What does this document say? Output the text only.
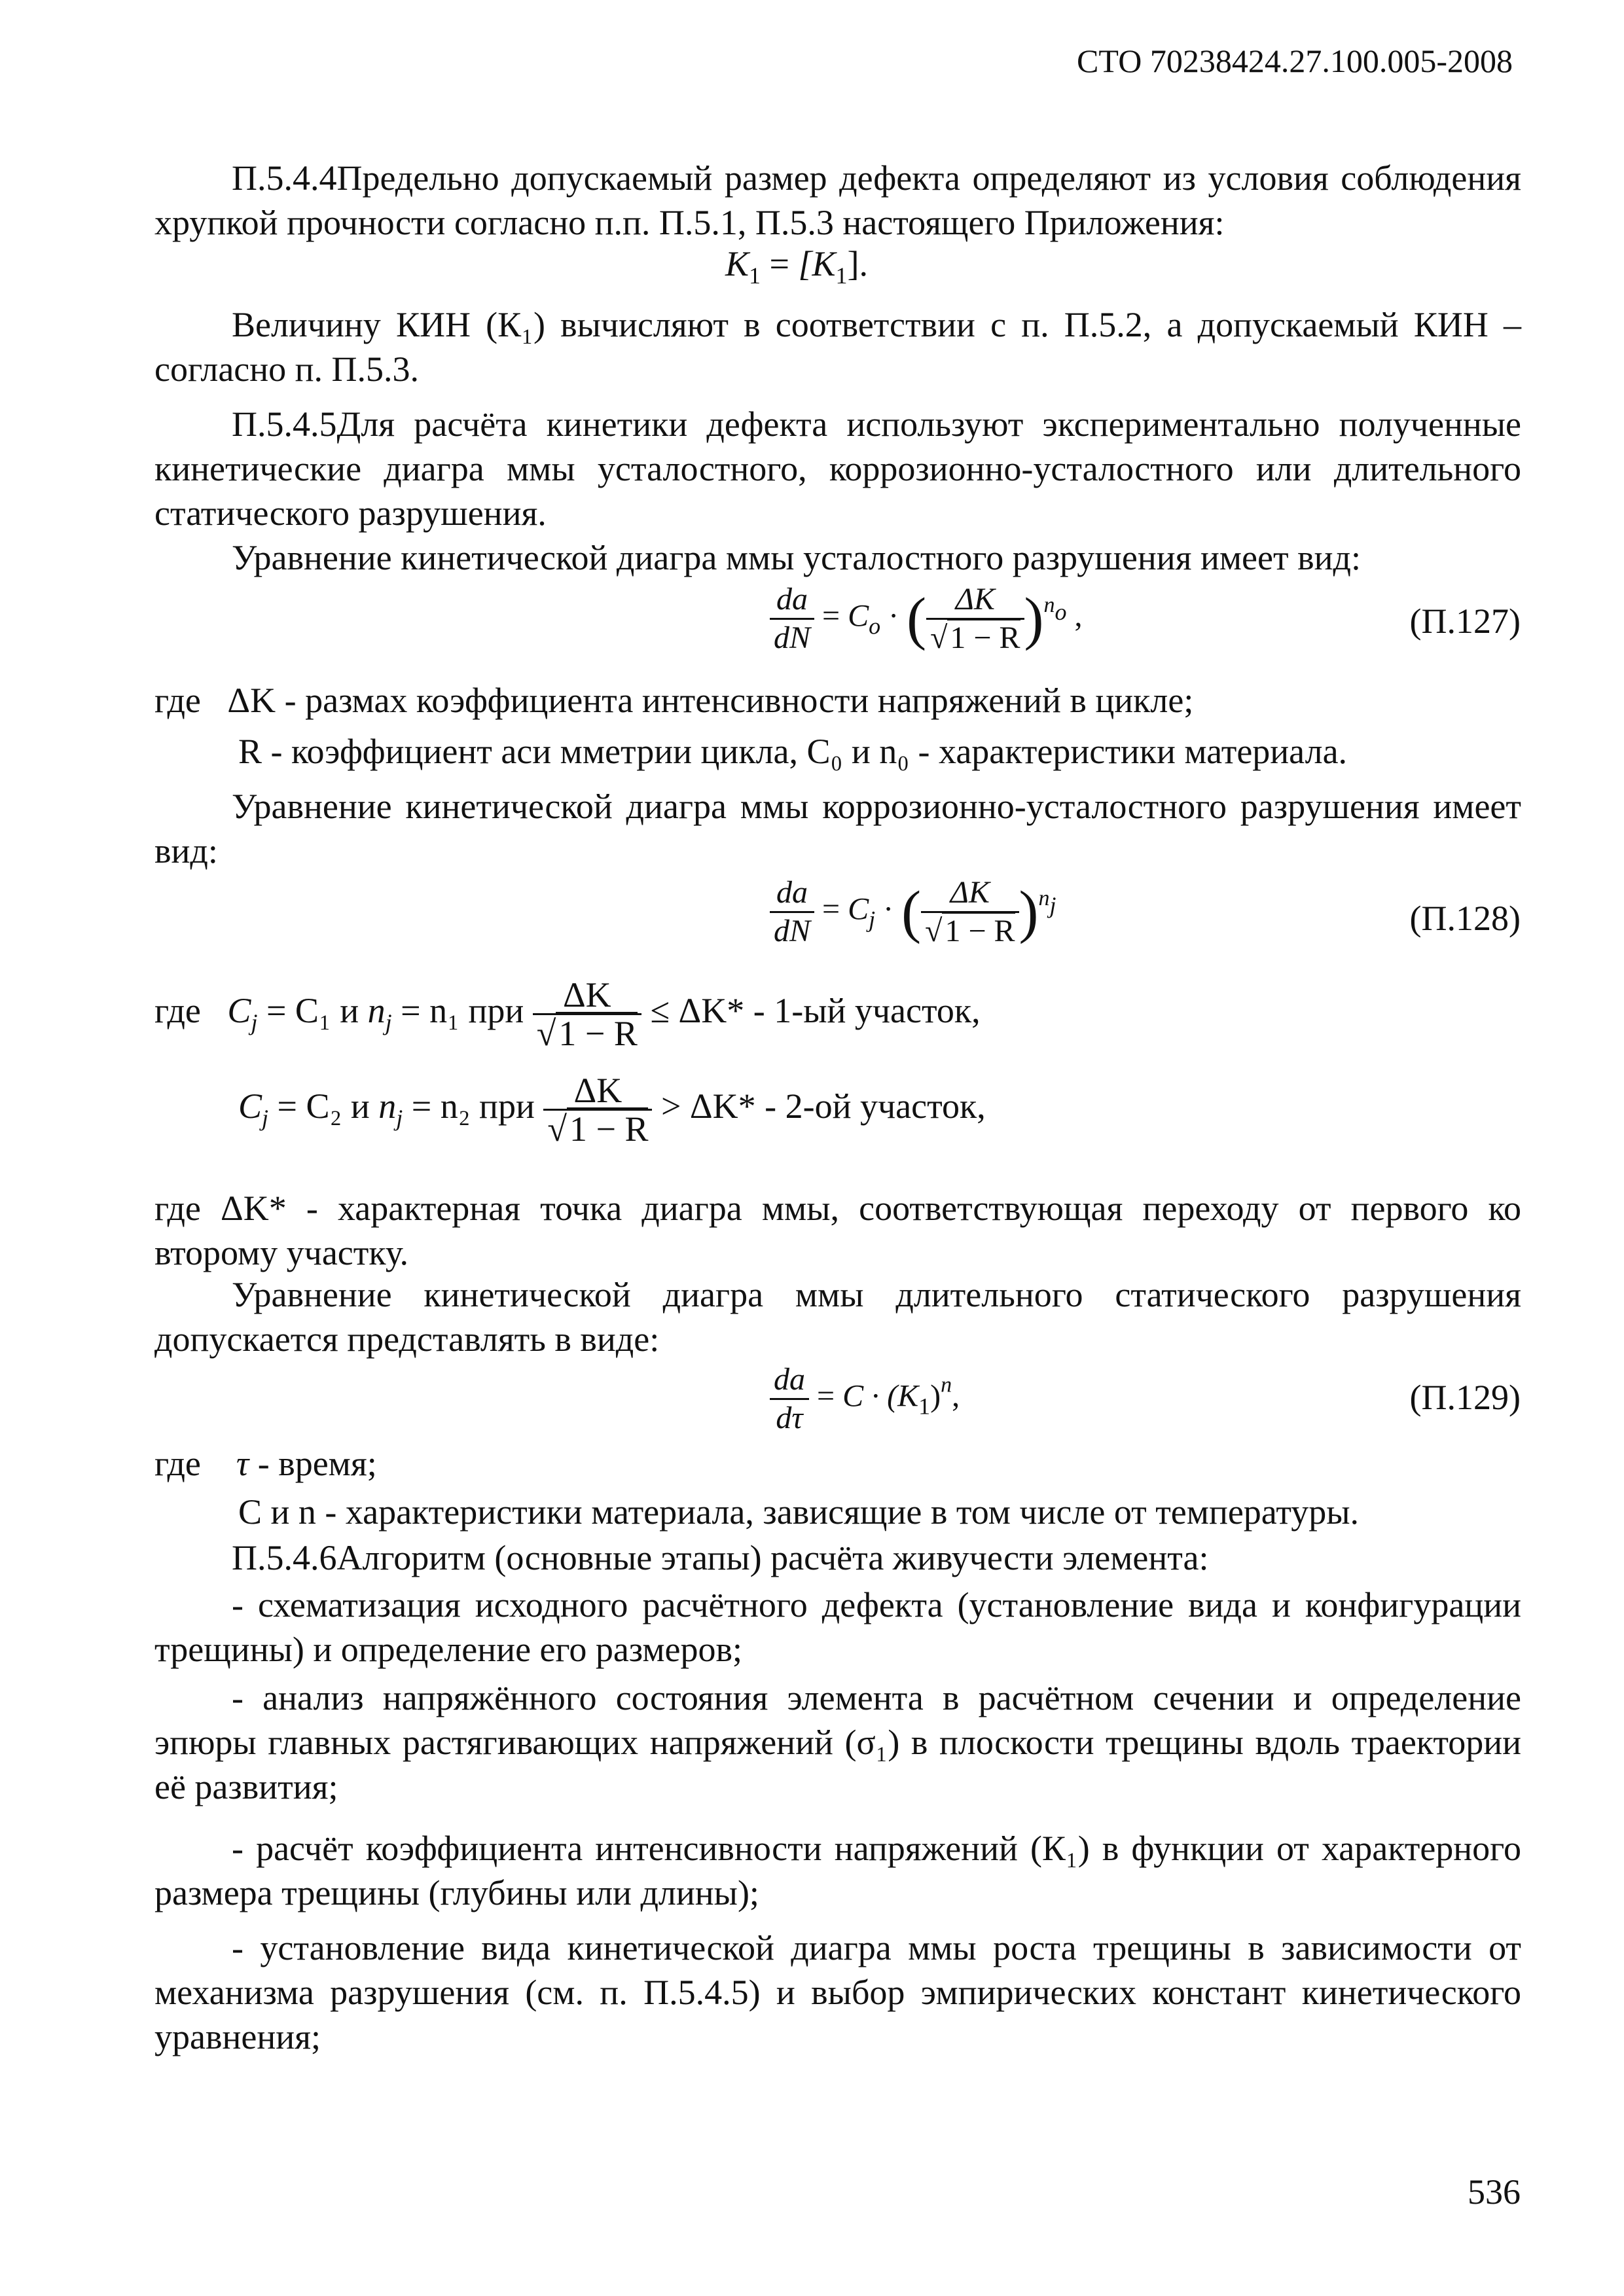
СТО 70238424.27.100.005-2008
П.5.4.4Предельно допускаемый размер дефекта определяют из условия соблюдения хрупкой прочности согласно п.п. П.5.1, П.5.3 настоящего Приложения:
$K_1 = [K_1]$.
Величину КИН (К₁) вычисляют в соответствии с п. П.5.2, а допускаемый КИН – согласно п. П.5.3.
П.5.4.5Для расчёта кинетики дефекта используют экспериментально полученные кинетические диагра ммы усталостного, коррозионно-усталостного или длительного статического разрушения.
Уравнение кинетической диагра ммы усталостного разрушения имеет вид:
$\frac{da}{dN} = C_o$ · ( $\frac{\Delta K}{√1 - R} )^{n_o}$ ,	(П.127)
где ΔK - размах коэффициента интенсивности напряжений в цикле;
R - коэффициент аси мметрии цикла, C₀ и n₀ - характеристики материала.
Уравнение кинетической диагра ммы коррозионно-усталостного разрушения имеет вид:
$\frac{da}{dN} = C_j$ · ( $\frac{\Delta K}{√1 - R} )^{n_j}$	(П.128)
где $C_j = C_1$ и $n_j = n_1$ при $\frac{\Delta K}{√1 - R} \le \Delta K* - 1-ый$ участок,
$C_j = C_2$ и $n_j = n_2$ при $\frac{\Delta K}{√1 - R} > \Delta K* - 2-ой$ участок,
где ΔK* - характерная точка диагра ммы, соответствующая переходу от первого ко второму участку.
Уравнение кинетической диагра ммы длительного статического разрушения допускается представлять в виде:
$\frac{da}{d\tau} = C \cdot (K_1)^n$,	(П.129)
где τ - время;
C и n - характеристики материала, зависящие в том числе от температуры.
П.5.4.6Алгоритм (основные этапы) расчёта живучести элемента:
- схематизация исходного расчётного дефекта (установление вида и конфигурации трещины) и определение его размеров;
- анализ напряжённого состояния элемента в расчётном сечении и определение эпюры главных растягивающих напряжений (σ₁) в плоскости трещины вдоль траектории её развития;
- расчёт коэффициента интенсивности напряжений (К₁) в функции от характерного размера трещины (глубины или длины);
- установление вида кинетической диагра ммы роста трещины в зависимости от механизма разрушения (см. п. П.5.4.5) и выбор эмпирических констант кинетического уравнения;
536
